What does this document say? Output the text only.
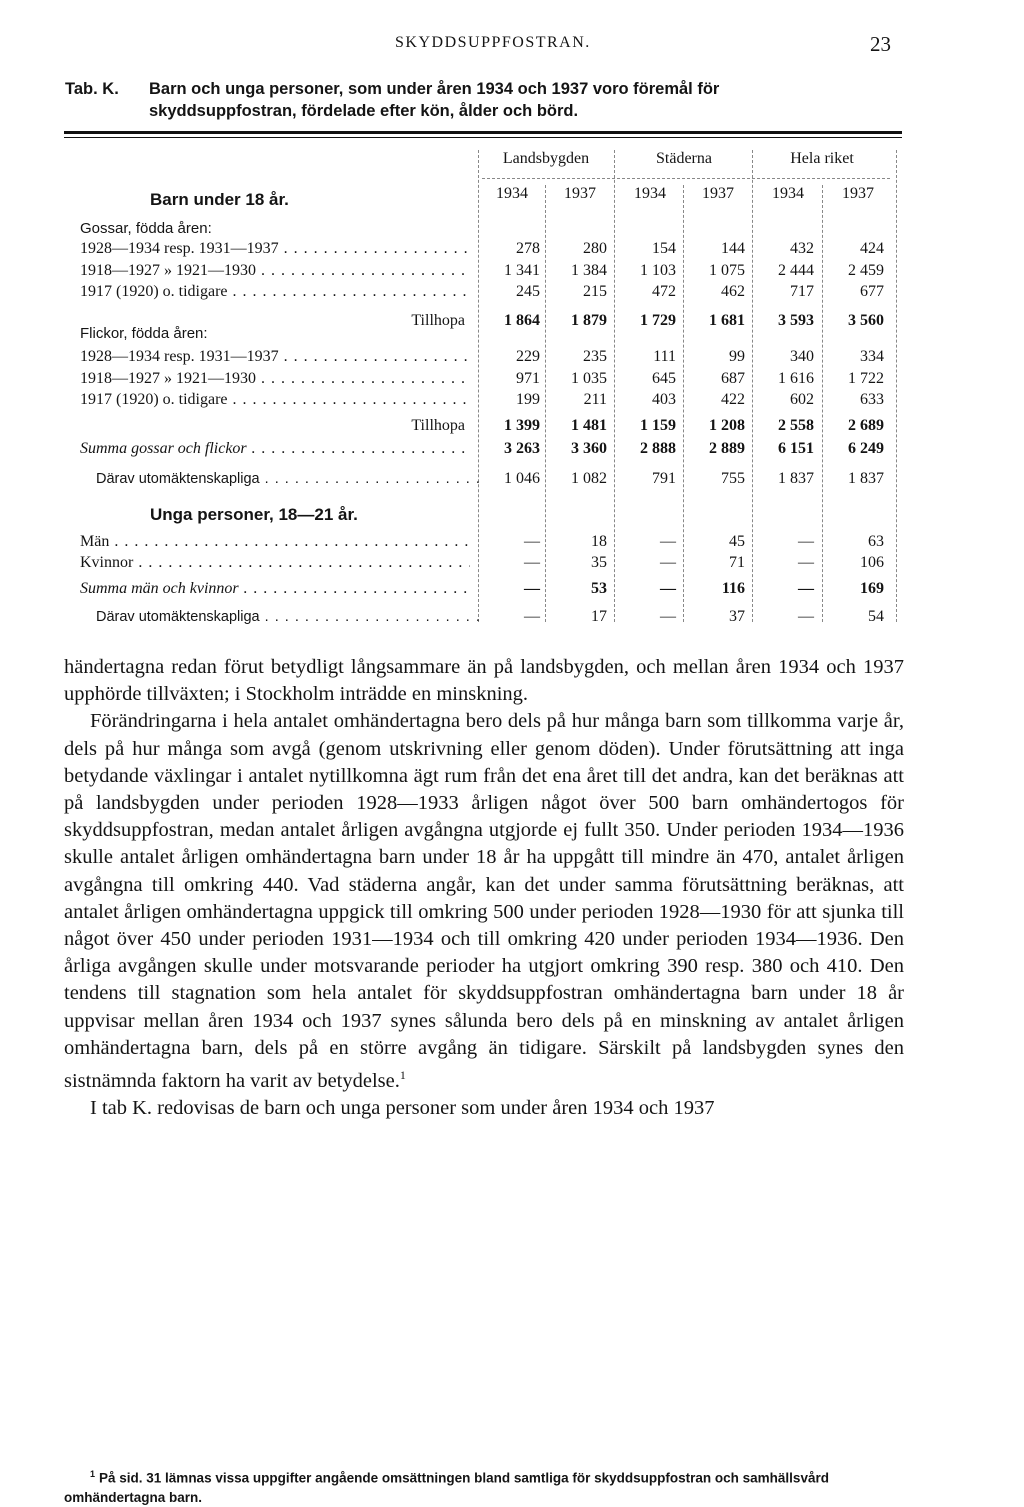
SKYDDSUPPFOSTRAN.	23
Tab. K. Barn och unga personer, som under åren 1934 och 1937 voro föremål för
skyddsuppfostran, fördelade efter kön, ålder och börd.
Landsbygden	Städerna	Hela riket
1934	1937	1934	1937	1934	1937
Barn under 18 år.
Gossar, födda åren:
Flickor, födda åren:
Unga personer, 18—21 år.
1928—1934 resp. 1931—1937 . . .	278	280	154	144	432	424
1918—1927 » 1921—1930 . . .	1 341	1 384	1 103	1 075	2 444	2 459
1917 (1920) o. tidigare . . .	245	215	472	462	717	677
Tillhopa	1 864	1 879	1 729	1 681	3 593	3 560
1928—1934 resp. 1931—1937 . . .	229	235	111	99	340	334
1918—1927 » 1921—1930 . . .	971	1 035	645	687	1 616	1 722
1917 (1920) o. tidigare . . .	199	211	403	422	602	633
Tillhopa	1 399	1 481	1 159	1 208	2 558	2 689
Summa gossar och flickor . . .	3 263	3 360	2 888	2 889	6 151	6 249
Därav utomäktenskapliga . . .	1 046	1 082	791	755	1 837	1 837
Män . . .	—	18	—	45	—	63
Kvinnor . . .	—	35	—	71	—	106
Summa män och kvinnor . . .	—	53	—	116	—	169
Därav utomäktenskapliga . . .	—	17	—	37	—	54

händertagna redan förut betydligt långsammare än på landsbygden, och mellan åren 1934 och 1937 upphörde tillväxten; i Stockholm inträdde en minskning.

Förändringarna i hela antalet omhändertagna bero dels på hur många barn som tillkomma varje år, dels på hur många som avgå (genom utskrivning eller genom döden). Under förutsättning att inga betydande växlingar i antalet nytillkomna ägt rum från det ena året till det andra, kan det beräknas att på landsbygden under perioden 1928—1933 årligen något över 500 barn omhändertogos för skyddsuppfostran, medan antalet årligen avgångna utgjorde ej fullt 350. Under perioden 1934—1936 skulle antalet årligen omhändertagna barn under 18 år ha uppgått till mindre än 470, antalet årligen avgångna till omkring 440. Vad städerna angår, kan det under samma förutsättning beräknas, att antalet årligen omhändertagna uppgick till omkring 500 under perioden 1928—1930 för att sjunka till något över 450 under perioden 1931—1934 och till omkring 420 under perioden 1934—1936. Den årliga avgången skulle under motsvarande perioder ha utgjort omkring 390 resp. 380 och 410. Den tendens till stagnation som hela antalet för skyddsuppfostran omhändertagna barn under 18 år uppvisar mellan åren 1934 och 1937 synes sålunda bero dels på en minskning av antalet årligen omhändertagna barn, dels på en större avgång än tidigare. Särskilt på landsbygden synes den sistnämnda faktorn ha varit av betydelse.$^1$

I tab K. redovisas de barn och unga personer som under åren 1934 och 1937

$^1$ På sid. 31 lämnas vissa uppgifter angående omsättningen bland samtliga för skyddsuppfostran och samhällsvård omhändertagna barn.
